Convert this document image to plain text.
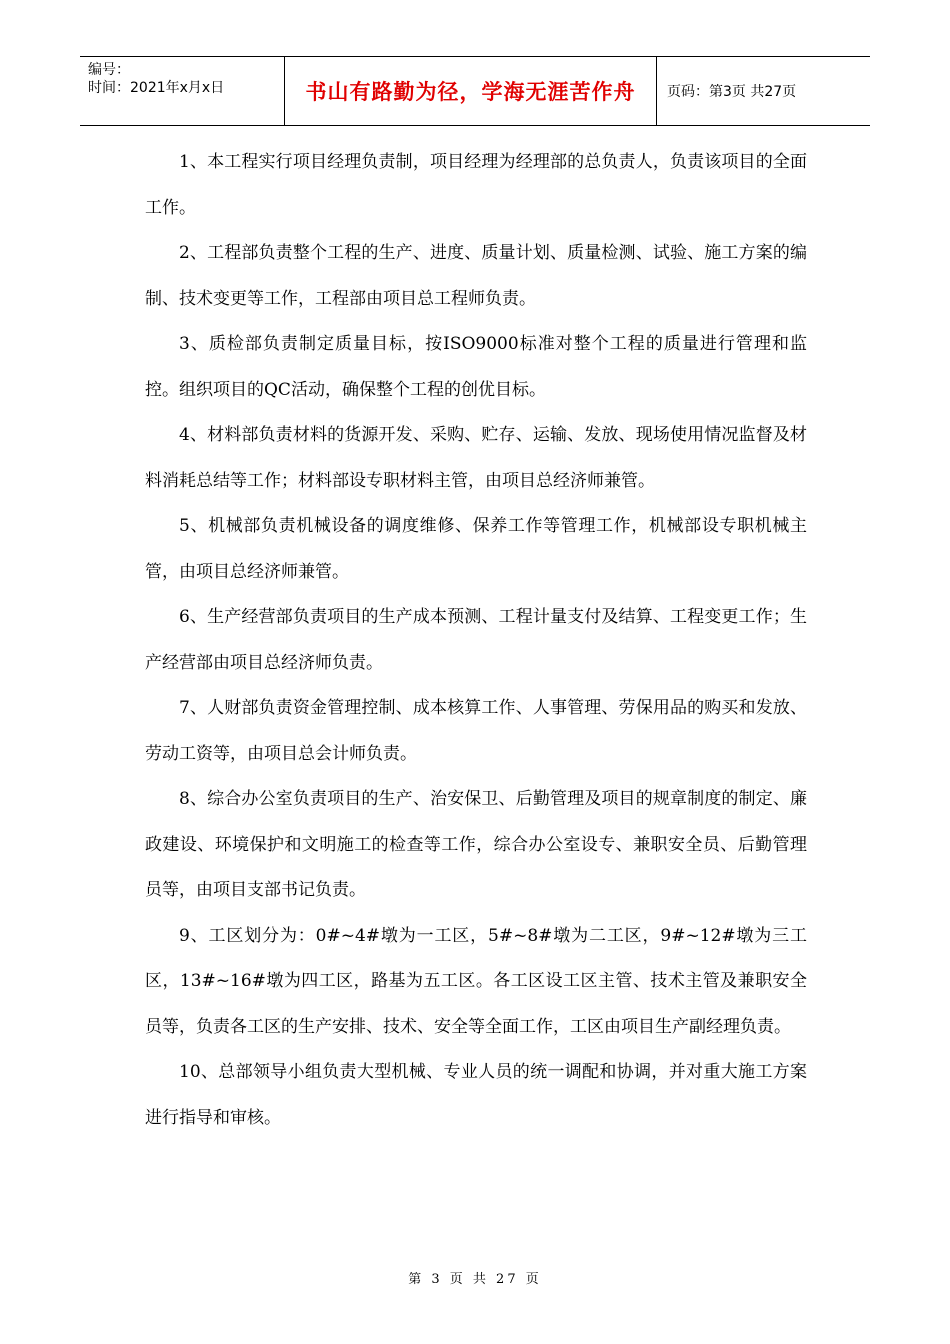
编号：
时间：2021年x月x日	书山有路勤为径，学海无涯苦作舟	页码：第3页 共27页

1、本工程实行项目经理负责制，项目经理为经理部的总负责人，负责该项目的全面工作。

2、工程部负责整个工程的生产、进度、质量计划、质量检测、试验、施工方案的编制、技术变更等工作，工程部由项目总工程师负责。

3、质检部负责制定质量目标，按ISO9000标准对整个工程的质量进行管理和监控。组织项目的QC活动，确保整个工程的创优目标。

4、材料部负责材料的货源开发、采购、贮存、运输、发放、现场使用情况监督及材料消耗总结等工作；材料部设专职材料主管，由项目总经济师兼管。

5、机械部负责机械设备的调度维修、保养工作等管理工作，机械部设专职机械主管，由项目总经济师兼管。

6、生产经营部负责项目的生产成本预测、工程计量支付及结算、工程变更工作；生产经营部由项目总经济师负责。

7、人财部负责资金管理控制、成本核算工作、人事管理、劳保用品的购买和发放、劳动工资等，由项目总会计师负责。

8、综合办公室负责项目的生产、治安保卫、后勤管理及项目的规章制度的制定、廉政建设、环境保护和文明施工的检查等工作，综合办公室设专、兼职安全员、后勤管理员等，由项目支部书记负责。

9、工区划分为：0#~4#墩为一工区，5#~8#墩为二工区，9#~12#墩为三工区，13#~16#墩为四工区，路基为五工区。各工区设工区主管、技术主管及兼职安全员等，负责各工区的生产安排、技术、安全等全面工作，工区由项目生产副经理负责。

10、总部领导小组负责大型机械、专业人员的统一调配和协调，并对重大施工方案进行指导和审核。

第 3 页 共 27 页
